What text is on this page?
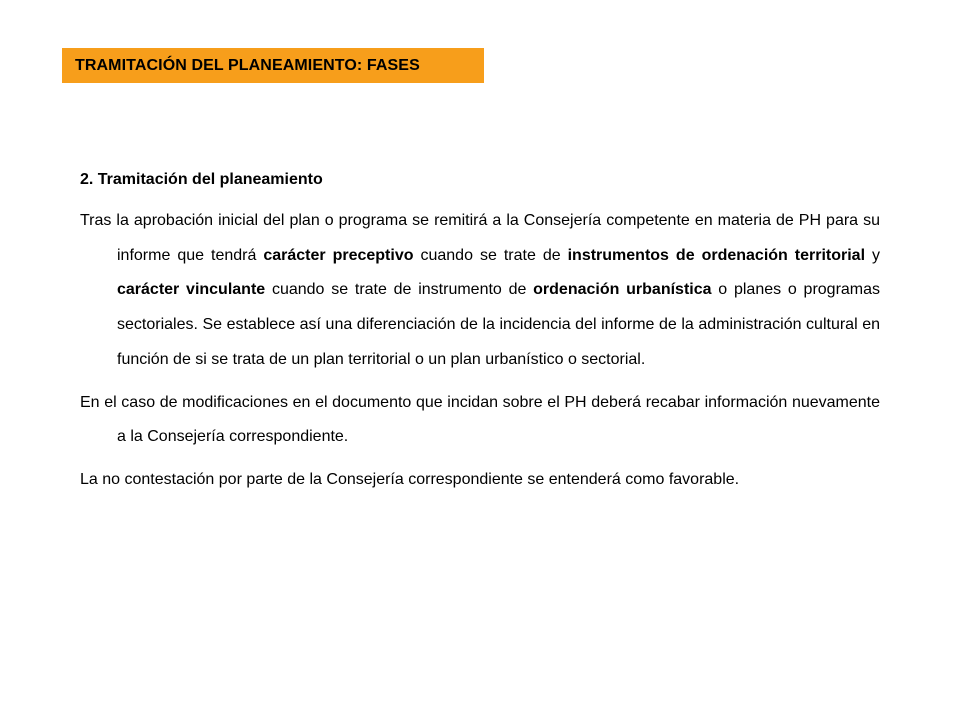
TRAMITACIÓN DEL PLANEAMIENTO: FASES
2. Tramitación del planeamiento

Tras la aprobación inicial del plan o programa se remitirá a la Consejería competente en materia de PH para su informe que tendrá carácter preceptivo cuando se trate de instrumentos de ordenación territorial y carácter vinculante cuando se trate de instrumento de ordenación urbanística o planes o programas sectoriales. Se establece así una diferenciación de la incidencia del informe de la administración cultural en función de si se trata de un plan territorial o un plan urbanístico o sectorial.

En el caso de modificaciones en el documento que incidan sobre el PH deberá recabar información nuevamente a la Consejería correspondiente.

La no contestación por parte de la Consejería correspondiente se entenderá como favorable.
